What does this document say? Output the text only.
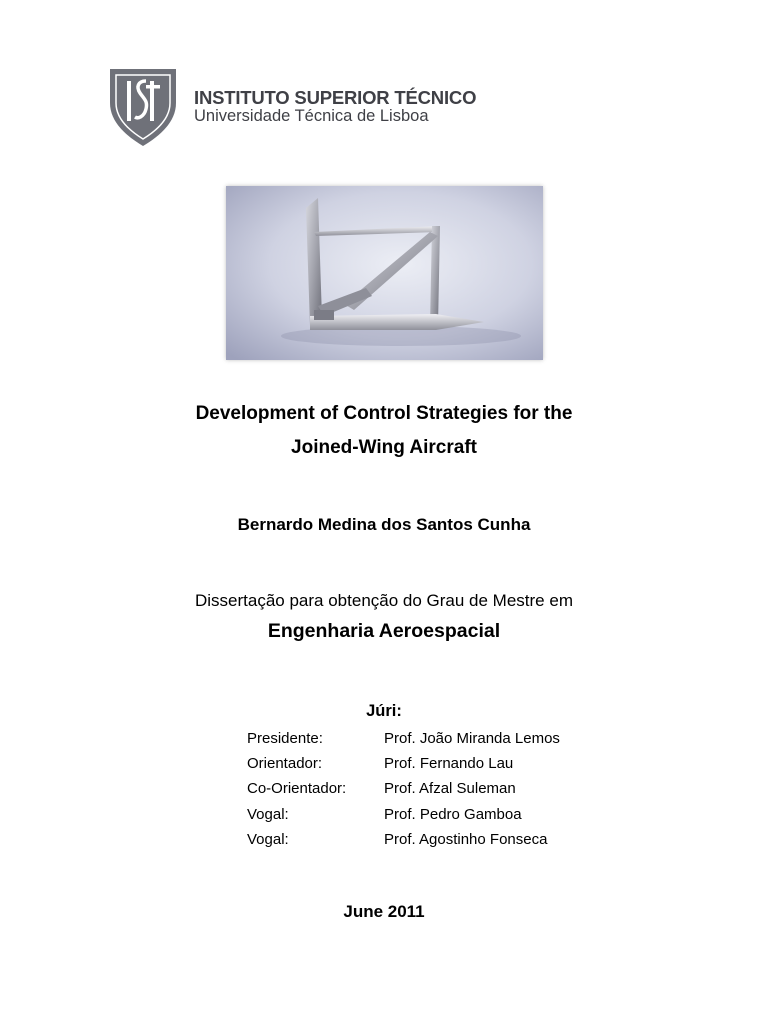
INSTITUTO SUPERIOR TÉCNICO
Universidade Técnica de Lisboa
Development of Control Strategies for the
Joined-Wing Aircraft
Bernardo Medina dos Santos Cunha
Dissertação para obtenção do Grau de Mestre em
Engenharia Aeroespacial
Júri:
Presidente:	Prof. João Miranda Lemos
Orientador:	Prof. Fernando Lau
Co-Orientador:	Prof. Afzal Suleman
Vogal:	Prof. Pedro Gamboa
Vogal:	Prof. Agostinho Fonseca
June 2011
